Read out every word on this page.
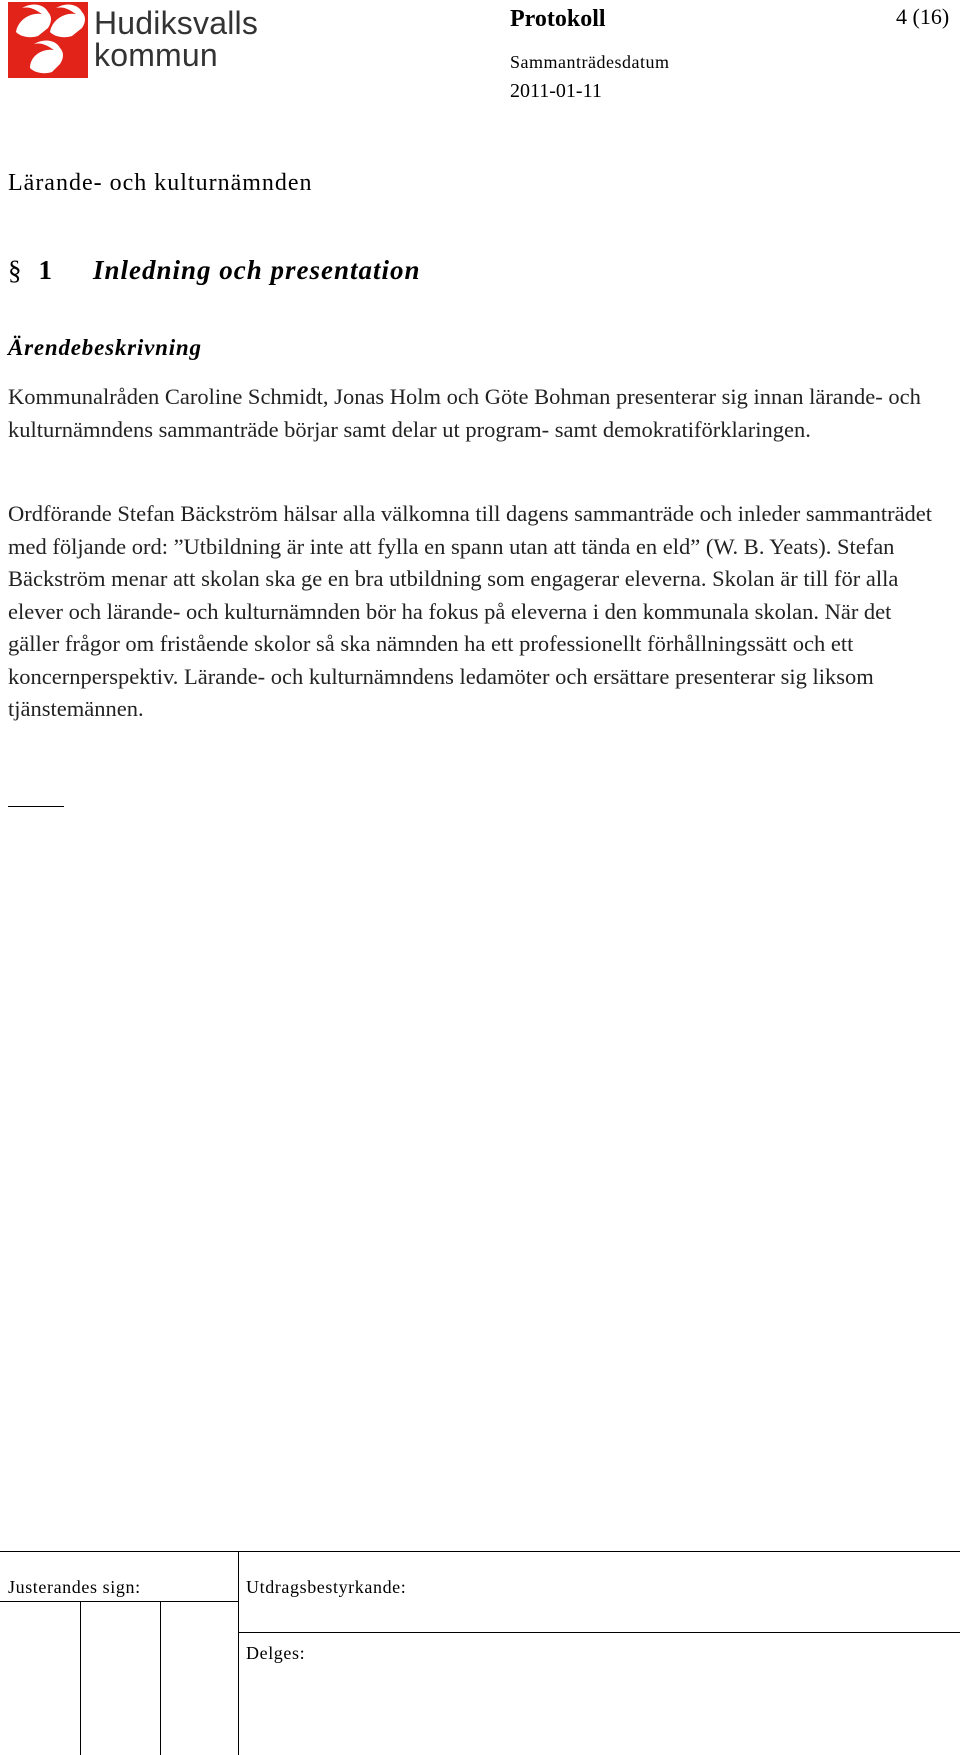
Hudiksvalls
kommun
Protokoll	4 (16)
Sammanträdesdatum
2011-01-11
Lärande- och kulturnämnden
§ 1 Inledning och presentation
Ärendebeskrivning
Kommunalråden Caroline Schmidt, Jonas Holm och Göte Bohman presenterar sig innan lärande- och kulturnämndens sammanträde börjar samt delar ut program- samt demokratiförklaringen.
Ordförande Stefan Bäckström hälsar alla välkomna till dagens sammanträde och inleder sammanträdet med följande ord: ”Utbildning är inte att fylla en spann utan att tända en eld” (W. B. Yeats). Stefan Bäckström menar att skolan ska ge en bra utbildning som engagerar eleverna. Skolan är till för alla elever och lärande- och kulturnämnden bör ha fokus på eleverna i den kommunala skolan. När det gäller frågor om fristående skolor så ska nämnden ha ett professionellt förhållningssätt och ett koncernperspektiv. Lärande- och kulturnämndens ledamöter och ersättare presenterar sig liksom tjänstemännen.
Justerandes sign:	Utdragsbestyrkande:
Delges:
